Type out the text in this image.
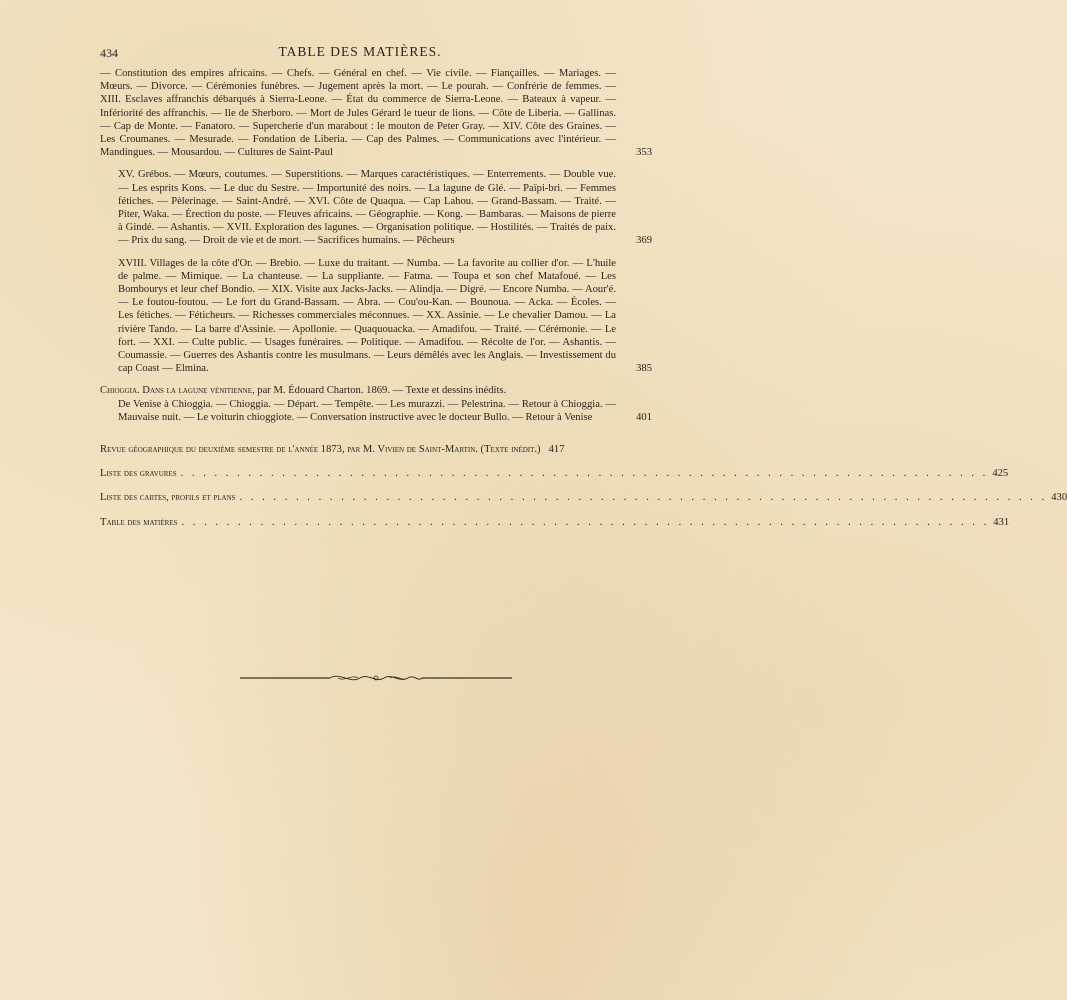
434	TABLE DES MATIÈRES.
— Constitution des empires africains. — Chefs. — Général en chef. — Vie civile. — Fiançailles. — Mariages. — Mœurs. — Divorce. — Cérémonies funèbres. — Jugement après la mort. — Le pourah. — Confrérie de femmes. — XIII. Esclaves affranchis débarqués à Sierra-Leone. — État du commerce de Sierra-Leone. — Bateaux à vapeur. — Infériorité des affranchis. — Ile de Sherboro. — Mort de Jules Gérard le tueur de lions. — Côte de Liberia. — Gallinas. — Cap de Monte. — Fanatoro. — Supercherie d'un marabout : le mouton de Peter Gray. — XIV. Côte des Graines. — Les Croumanes. — Mesurade. — Fondation de Liberia. — Cap des Palmes. — Communications avec l'intérieur. — Mandingues. — Mousardou. — Cultures de Saint-Paul	353
XV. Grébos. — Mœurs, coutumes. — Superstitions. — Marques caractéristiques. — Enterrements. — Double vue. — Les esprits Kons. — Le duc du Sestre. — Importunité des noirs. — La lagune de Glé. — Païpi-bri. — Femmes fétiches. — Pèlerinage. — Saint-André. — XVI. Côte de Quaqua. — Cap Lahou. — Grand-Bassam. — Traité. — Piter, Waka. — Érection du poste. — Fleuves africains. — Géographie. — Kong. — Bambaras. — Maisons de pierre à Gindé. — Ashantis. — XVII. Exploration des lagunes. — Organisation politique. — Hostilités. — Traités de paix. — Prix du sang. — Droit de vie et de mort. — Sacrifices humains. — Pêcheurs	369
XVIII. Villages de la côte d'Or. — Brebio. — Luxe du traitant. — Numba. — La favorite au collier d'or. — L'huile de palme. — Mimique. — La chanteuse. — La suppliante. — Fatma. — Toupa et son chef Matafoué. — Les Bombourys et leur chef Bondio. — XIX. Visite aux Jacks-Jacks. — Alindja. — Digré. — Encore Numba. — Aour'é. — Le foutou-foutou. — Le fort du Grand-Bassam. — Abra. — Cou'ou-Kan. — Bounoua. — Acka. — Écoles. — Les fétiches. — Féticheurs. — Richesses commerciales méconnues. — XX. Assinie. — Le chevalier Damou. — La rivière Tando. — La barre d'Assinie. — Apollonie. — Quaquouacka. — Amadifou. — Traité. — Cérémonie. — Le fort. — XXI. — Culte public. — Usages funéraires. — Politique. — Amadifou. — Récolte de l'or. — Ashantis. — Coumassie. — Guerres des Ashantis contre les musulmans. — Leurs démêlés avec les Anglais. — Investissement du cap Coast — Elmina.	385
Chioggia. Dans la lagune vénitienne, par M. Édouard Charton. 1869. — Texte et dessins inédits.
De Venise à Chioggia. — Chioggia. — Départ. — Tempête. — Les murazzi. — Pelestrina. — Retour à Chioggia. — Mauvaise nuit. — Le voiturin chioggiote. — Conversation instructive avec le docteur Bullo. — Retour à Venise	401
Revue géographique du deuxième semestre de l'année 1873, par M. Vivien de Saint-Martin. (Texte inédit.) 417
Liste des gravures . . . . . . . . . . . . . . . . . . . . . . . . . . . . . . . . . . . . . . . . . . . . . . . . . . . . . . . . . . . . . . . . . . . . . . . . 425
Liste des cartes, profils et plans . . . . . . . . . . . . . . . . . . . . . . . . . . . . . . . . . . . . . . . . . . . . . . . . . . . . . . . . . . . . . . . . . . . . . . . . 430
Table des matières . . . . . . . . . . . . . . . . . . . . . . . . . . . . . . . . . . . . . . . . . . . . . . . . . . . . . . . . . . . . . . . . . . . . . . . . 431
